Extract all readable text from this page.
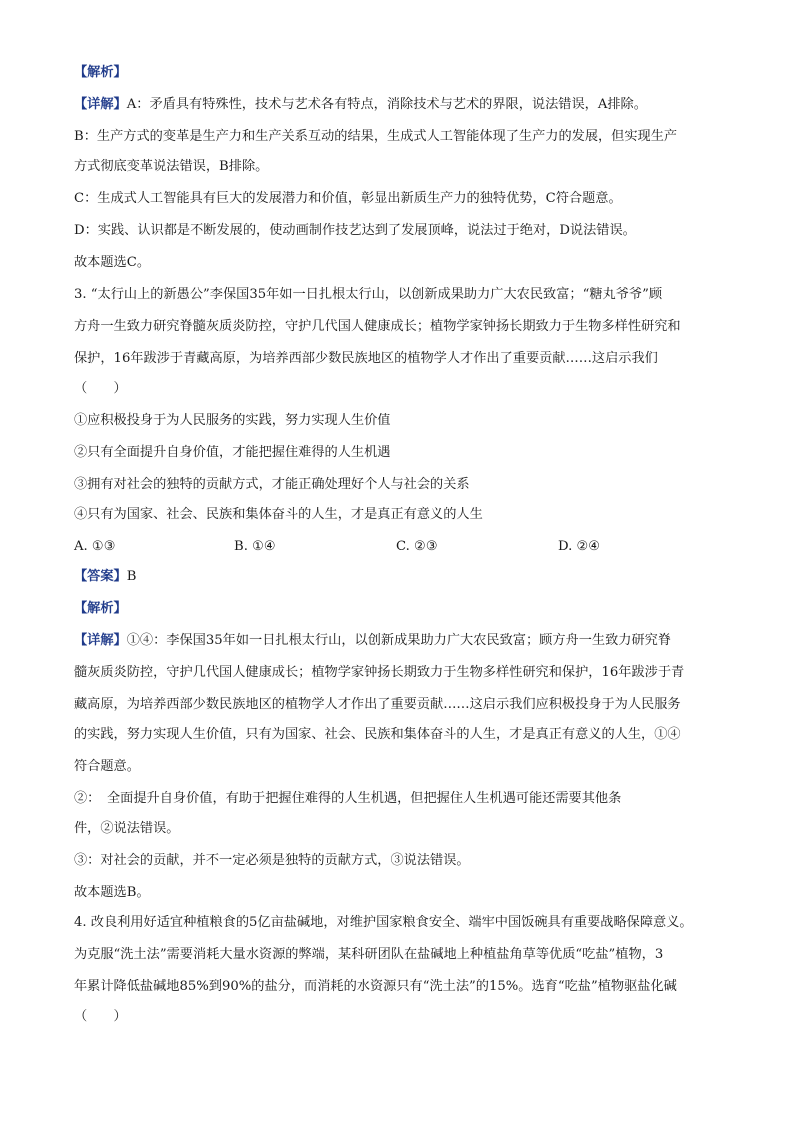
【解析】
【详解】A：矛盾具有特殊性，技术与艺术各有特点，消除技术与艺术的界限，说法错误，A排除。
B：生产方式的变革是生产力和生产关系互动的结果，生成式人工智能体现了生产力的发展，但实现生产
方式彻底变革说法错误，B排除。
C：生成式人工智能具有巨大的发展潜力和价值，彰显出新质生产力的独特优势，C符合题意。
D：实践、认识都是不断发展的，使动画制作技艺达到了发展顶峰，说法过于绝对，D说法错误。
故本题选C。
3. “太行山上的新愚公”李保国35年如一日扎根太行山，以创新成果助力广大农民致富；“糖丸爷爷”顾
方舟一生致力研究脊髓灰质炎防控，守护几代国人健康成长；植物学家钟扬长期致力于生物多样性研究和
保护，16年跋涉于青藏高原，为培养西部少数民族地区的植物学人才作出了重要贡献……这启示我们
（　　）
①应积极投身于为人民服务的实践，努力实现人生价值
②只有全面提升自身价值，才能把握住难得的人生机遇
③拥有对社会的独特的贡献方式，才能正确处理好个人与社会的关系
④只有为国家、社会、民族和集体奋斗的人生，才是真正有意义的人生
A. ①③	B. ①④	C. ②③	D. ②④
【答案】B
【解析】
【详解】①④：李保国35年如一日扎根太行山，以创新成果助力广大农民致富；顾方舟一生致力研究脊
髓灰质炎防控，守护几代国人健康成长；植物学家钟扬长期致力于生物多样性研究和保护，16年跋涉于青
藏高原，为培养西部少数民族地区的植物学人才作出了重要贡献……这启示我们应积极投身于为人民服务
的实践，努力实现人生价值，只有为国家、社会、民族和集体奋斗的人生，才是真正有意义的人生，①④
符合题意。
②：　全面提升自身价值，有助于把握住难得的人生机遇，但把握住人生机遇可能还需要其他条
件，②说法错误。
③：对社会的贡献，并不一定必须是独特的贡献方式，③说法错误。
故本题选B。
4. 改良利用好适宜种植粮食的5亿亩盐碱地，对维护国家粮食安全、端牢中国饭碗具有重要战略保障意义。
为克服“洗土法”需要消耗大量水资源的弊端，某科研团队在盐碱地上种植盐角草等优质“吃盐”植物，3
年累计降低盐碱地85%到90%的盐分，而消耗的水资源只有“洗土法”的15%。选育“吃盐”植物驱盐化碱
（　　）
